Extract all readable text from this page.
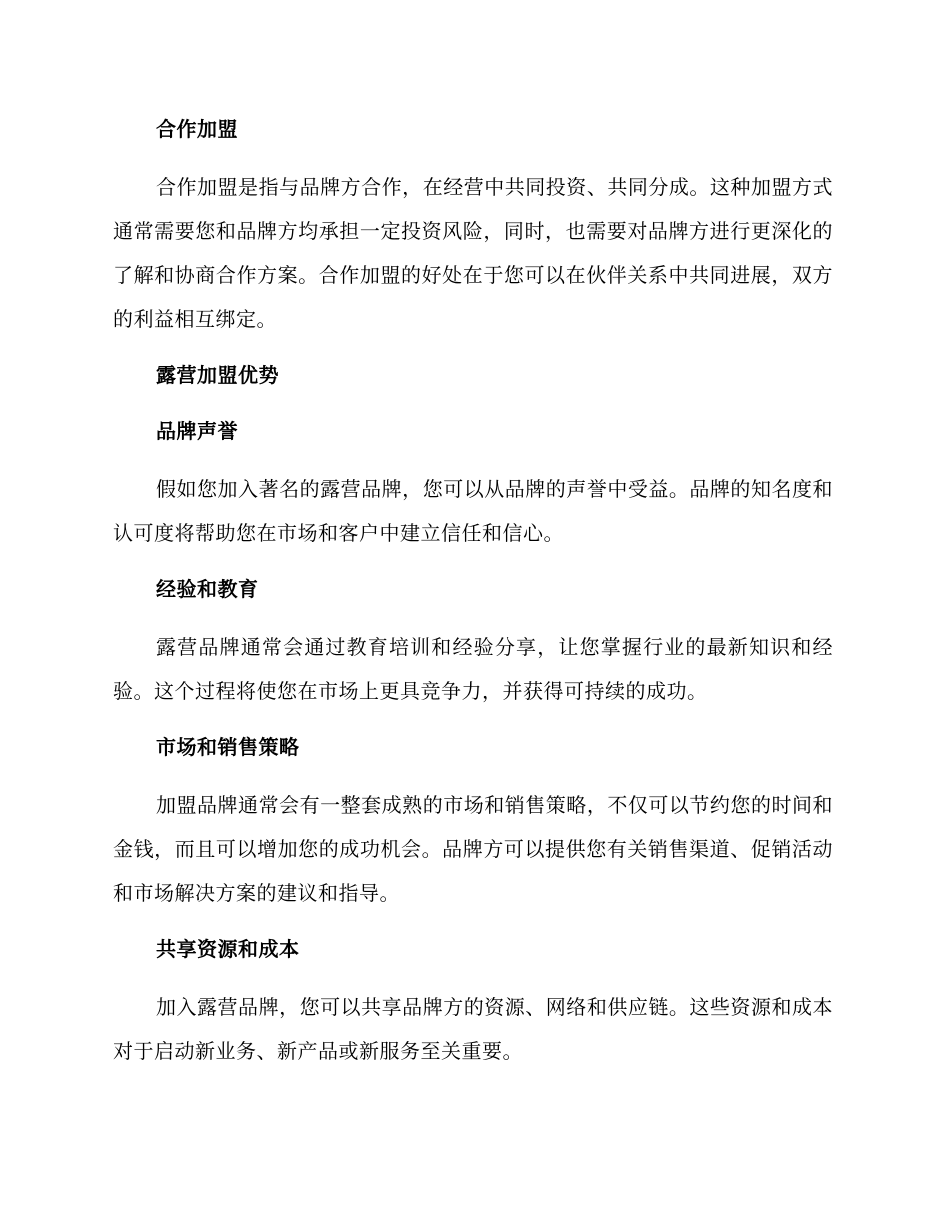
合作加盟

合作加盟是指与品牌方合作，在经营中共同投资、共同分成。这种加盟方式通常需要您和品牌方均承担一定投资风险，同时，也需要对品牌方进行更深化的了解和协商合作方案。合作加盟的好处在于您可以在伙伴关系中共同进展，双方的利益相互绑定。

露营加盟优势
品牌声誉

假如您加入著名的露营品牌，您可以从品牌的声誉中受益。品牌的知名度和认可度将帮助您在市场和客户中建立信任和信心。

经验和教育

露营品牌通常会通过教育培训和经验分享，让您掌握行业的最新知识和经验。这个过程将使您在市场上更具竞争力，并获得可持续的成功。

市场和销售策略

加盟品牌通常会有一整套成熟的市场和销售策略，不仅可以节约您的时间和金钱，而且可以增加您的成功机会。品牌方可以提供您有关销售渠道、促销活动和市场解决方案的建议和指导。

共享资源和成本

加入露营品牌，您可以共享品牌方的资源、网络和供应链。这些资源和成本对于启动新业务、新产品或新服务至关重要。
